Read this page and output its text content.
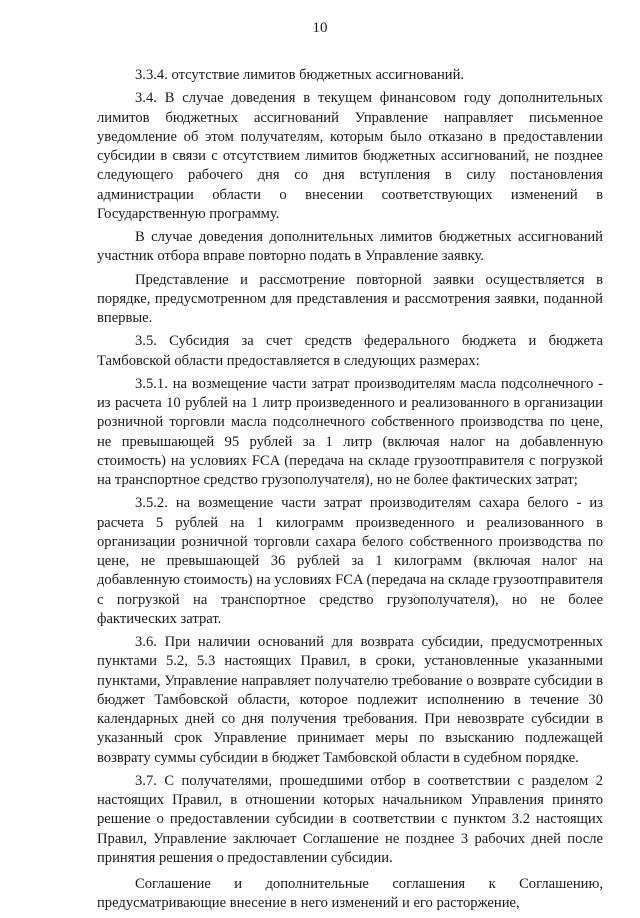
10

3.3.4. отсутствие лимитов бюджетных ассигнований.

3.4. В случае доведения в текущем финансовом году дополнительных лимитов бюджетных ассигнований Управление направляет письменное уведомление об этом получателям, которым было отказано в предоставлении субсидии в связи с отсутствием лимитов бюджетных ассигнований, не позднее следующего рабочего дня со дня вступления в силу постановления администрации области о внесении соответствующих изменений в Государственную программу.

В случае доведения дополнительных лимитов бюджетных ассигнований участник отбора вправе повторно подать в Управление заявку.

Представление и рассмотрение повторной заявки осуществляется в порядке, предусмотренном для представления и рассмотрения заявки, поданной впервые.

3.5. Субсидия за счет средств федерального бюджета и бюджета Тамбовской области предоставляется в следующих размерах:

3.5.1. на возмещение части затрат производителям масла подсолнечного - из расчета 10 рублей на 1 литр произведенного и реализованного в организации розничной торговли масла подсолнечного собственного производства по цене, не превышающей 95 рублей за 1 литр (включая налог на добавленную стоимость) на условиях FCA (передача на складе грузоотправителя с погрузкой на транспортное средство грузополучателя), но не более фактических затрат;

3.5.2. на возмещение части затрат производителям сахара белого - из расчета 5 рублей на 1 килограмм произведенного и реализованного в организации розничной торговли сахара белого собственного производства по цене, не превышающей 36 рублей за 1 килограмм (включая налог на добавленную стоимость) на условиях FCA (передача на складе грузоотправителя с погрузкой на транспортное средство грузополучателя), но не более фактических затрат.

3.6. При наличии оснований для возврата субсидии, предусмотренных пунктами 5.2, 5.3 настоящих Правил, в сроки, установленные указанными пунктами, Управление направляет получателю требование о возврате субсидии в бюджет Тамбовской области, которое подлежит исполнению в течение 30 календарных дней со дня получения требования. При невозврате субсидии в указанный срок Управление принимает меры по взысканию подлежащей возврату суммы субсидии в бюджет Тамбовской области в судебном порядке.

3.7. С получателями, прошедшими отбор в соответствии с разделом 2 настоящих Правил, в отношении которых начальником Управления принято решение о предоставлении субсидии в соответствии с пунктом 3.2 настоящих Правил, Управление заключает Соглашение не позднее 3 рабочих дней после принятия решения о предоставлении субсидии.

Соглашение и дополнительные соглашения к Соглашению, предусматривающие внесение в него изменений и его расторжение,
